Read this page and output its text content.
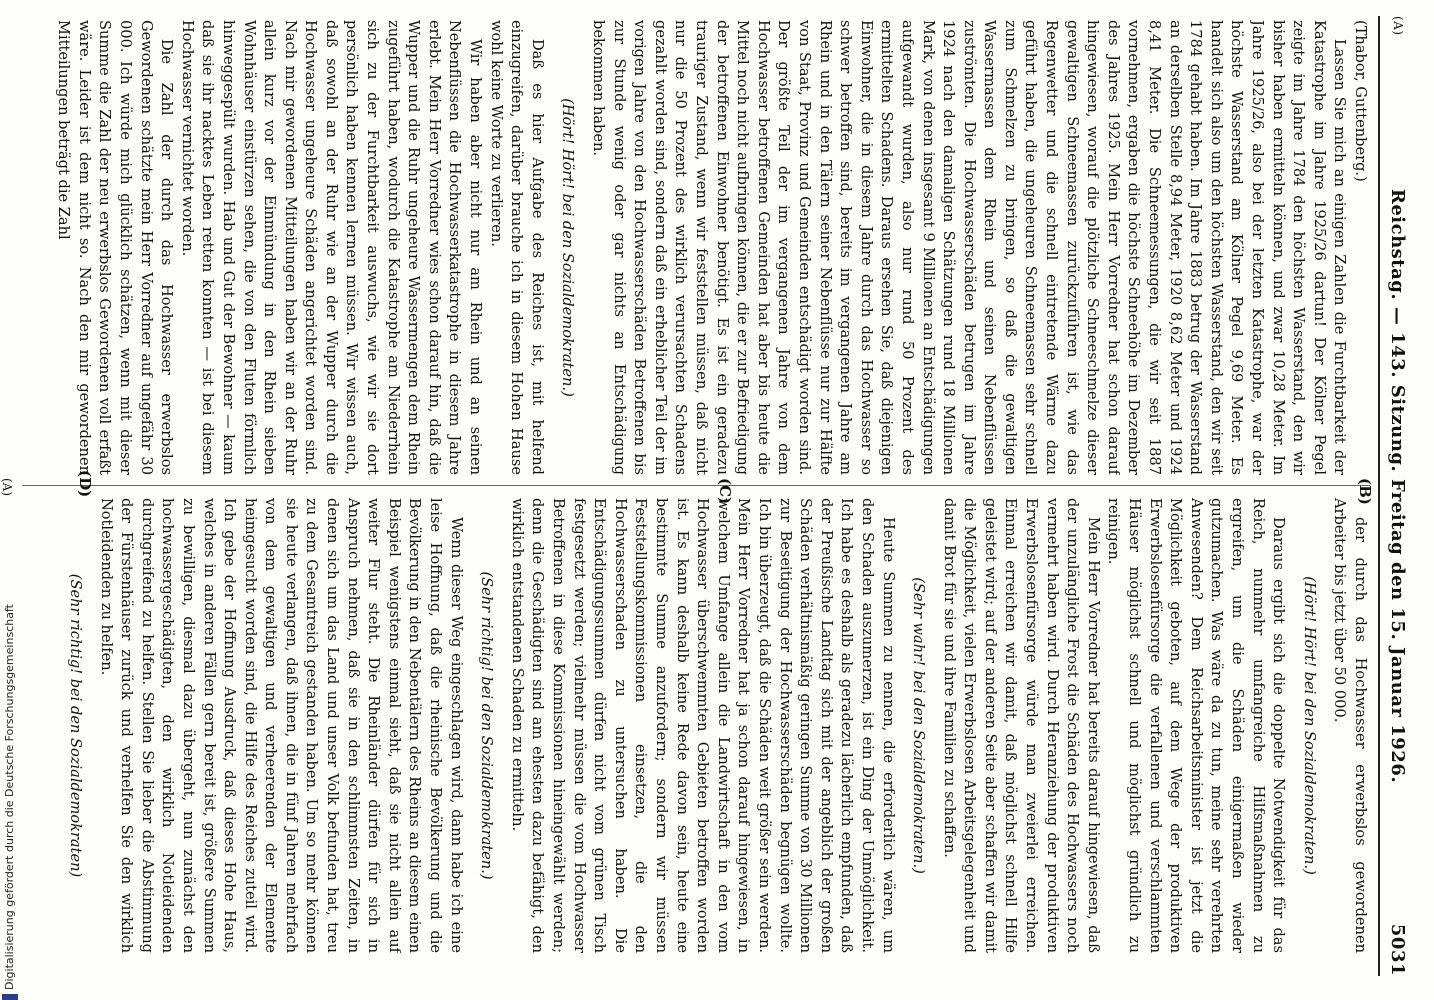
(A)
Reichstag. — 143. Sitzung. Freitag den 15. Januar 1926.
5031

(Thabor, Guttenberg.)

Lassen Sie mich an einigen Zahlen die Furchtbarkeit der Katastrophe im Jahre 1925/26 dartun! Der Kölner Pegel zeigte im Jahre 1784 den höchsten Wasserstand, den wir bisher haben ermitteln können, und zwar 10,28 Meter. Im Jahre 1925/26, also bei der letzten Katastrophe, war der höchste Wasserstand am Kölner Pegel 9,69 Meter. Es handelt sich also um den höchsten Wasserstand, den wir seit 1784 gehabt haben. Im Jahre 1883 betrug der Wasserstand an derselben Stelle 8,94 Meter, 1920 8,62 Meter und 1924 8,41 Meter. Die Schneemessungen, die wir seit 1887 vornehmen, ergaben die höchste Schneehöhe im Dezember des Jahres 1925. Mein Herr Vorredner hat schon darauf hingewiesen, worauf die plötzliche Schneeschmelze dieser gewaltigen Schneemassen zurückzuführen ist, wie das Regenwetter und die schnell eintretende Wärme dazu geführt haben, die ungeheuren Schneemassen sehr schnell zum Schmelzen zu bringen, so daß die gewaltigen Wassermassen dem Rhein und seinen Nebenflüssen zuströmten. Die Hochwasserschäden betrugen im Jahre 1924 nach den damaligen Schätzungen rund 18 Millionen Mark, von denen insgesamt 9 Millionen an Entschädigungen aufgewandt wurden, also nur rund 50 Prozent des ermittelten Schadens. Daraus ersehen Sie, daß diejenigen Einwohner, die in diesem Jahre durch das Hochwasser so schwer betroffen sind, bereits im vergangenen Jahre am Rhein und in den Tälern seiner Nebenflüsse nur zur Hälfte von Staat, Provinz und Gemeinden entschädigt worden sind. Der größte Teil der im vergangenen Jahre von dem Hochwasser betroffenen Gemeinden hat aber bis heute die Mittel noch nicht aufbringen können, die er zur Befriedigung der betroffenen Einwohner benötigt. Es ist ein geradezu trauriger Zustand, wenn wir feststellen müssen, daß nicht nur die 50 Prozent des wirklich verursachten Schadens gezahlt worden sind, sondern daß ein erheblicher Teil der im vorigen Jahre von den Hochwasserschäden Betroffenen bis zur Stunde wenig oder gar nichts an Entschädigung bekommen haben.

(Hört! Hört! bei den Sozialdemokraten.)

Daß es hier Aufgabe des Reiches ist, mit helfend einzugreifen, darüber brauche ich in diesem Hohen Hause wohl keine Worte zu verlieren.

Wir haben aber nicht nur am Rhein und an seinen Nebenflüssen die Hochwasserkatastrophe in diesem Jahre erlebt. Mein Herr Vorredner wies schon darauf hin, daß die Wupper und die Ruhr ungeheure Wassermengen dem Rhein zugeführt haben, wodurch die Katastrophe am Niederrhein sich zu der Furchtbarkeit auswuchs, wie wir sie dort persönlich haben kennen lernen müssen. Wir wissen auch, daß sowohl an der Ruhr wie an der Wupper durch die Hochwasser ungeheure Schäden angerichtet worden sind. Nach mir gewordenen Mitteilungen haben wir an der Ruhr allein kurz vor der Einmündung in den Rhein sieben Wohnhäuser einstürzen sehen, die von den Fluten förmlich hinweggespült wurden. Hab und Gut der Bewohner — kaum daß sie ihr nacktes Leben retten konnten — ist bei diesem Hochwasser vernichtet worden.

Die Zahl der durch das Hochwasser erwerbslos Gewordenen schätzte mein Herr Vorredner auf ungefähr 30 000. Ich würde mich glücklich schätzen, wenn mit dieser Summe die Zahl der neu erwerbslos Gewordenen voll erfaßt wäre. Leider ist dem nicht so. Nach den mir gewordenen Mitteilungen beträgt die Zahl

der durch das Hochwasser erwerbslos gewordenen Arbeiter bis jetzt über 50 000.

(Hört! Hört! bei den Sozialdemokraten.)

Daraus ergibt sich die doppelte Notwendigkeit für das Reich, nunmehr umfangreiche Hilfsmaßnahmen zu ergreifen, um die Schäden einigermaßen wieder gutzumachen. Was wäre da zu tun, meine sehr verehrten Anwesenden? Dem Reichsarbeitsminister ist jetzt die Möglichkeit geboten, auf dem Wege der produktiven Erwerbslosenfürsorge die verfallenen und verschlammten Häuser möglichst schnell und möglichst gründlich zu reinigen.

Mein Herr Vorredner hat bereits darauf hingewiesen, daß der unzulängliche Frost die Schäden des Hochwassers noch vermehrt haben wird. Durch Heranziehung der produktiven Erwerbslosenfürsorge würde man zweierlei erreichen. Einmal erreichen wir damit, daß möglichst schnell Hilfe geleistet wird; auf der anderen Seite aber schaffen wir damit die Möglichkeit, vielen Erwerbslosen Arbeitsgelegenheit und damit Brot für sie und ihre Familien zu schaffen.

(Sehr wahr! bei den Sozialdemokraten.)

Heute Summen zu nennen, die erforderlich wären, um den Schaden auszumerzen, ist ein Ding der Unmöglichkeit. Ich habe es deshalb als geradezu lächerlich empfunden, daß der Preußische Landtag sich mit der angeblich der großen Schäden verhältnismäßig geringen Summe von 30 Millionen zur Beseitigung der Hochwasserschäden begnügen wollte. Ich bin überzeugt, daß die Schäden weit größer sein werden. Mein Herr Vorredner hat ja schon darauf hingewiesen, in welchem Umfange allein die Landwirtschaft in den vom Hochwasser überschwemmten Gebieten betroffen worden ist. Es kann deshalb keine Rede davon sein, heute eine bestimmte Summe anzufordern; sondern wir müssen Feststellungskommissionen einsetzen, die den Hochwasserschaden zu untersuchen haben. Die Entschädigungssummen dürfen nicht vom grünen Tisch festgesetzt werden; vielmehr müssen die vom Hochwasser Betroffenen in diese Kommissionen hineingewählt werden; denn die Geschädigten sind am ehesten dazu befähigt, den wirklich entstandenen Schaden zu ermitteln.

(Sehr richtig! bei den Sozialdemokraten.)

Wenn dieser Weg eingeschlagen wird, dann habe ich eine leise Hoffnung, daß die rheinische Bevölkerung und die Bevölkerung in den Nebentälern des Rheins an diesem einen Beispiel wenigstens einmal sieht, daß sie nicht allein auf weiter Flur steht. Die Rheinländer dürfen für sich in Anspruch nehmen, daß sie in den schlimmsten Zeiten, in denen sich um das Land und unser Volk befunden hat, treu zu dem Gesamtreich gestanden haben. Um so mehr können sie heute verlangen, daß ihnen, die in fünf Jahren mehrfach von dem gewaltigen und verheerenden der Elemente heimgesucht worden sind, die Hilfe des Reiches zuteil wird. Ich gebe der Hoffnung Ausdruck, daß dieses Hohe Haus, welches in anderen Fällen gern bereit ist, größere Summen zu bewilligen, diesmal dazu übergeht, nun zunächst den hochwassergeschädigten, den wirklich Notleidenden durchgreifend zu helfen. Stellen Sie lieber die Abstimmung der Fürstenhäuser zurück und verhelfen Sie den wirklich Notleidenden zu helfen.

(Sehr richtig! bei den Sozialdemokraten)

(B)
(C)
(D)
(A)
Digitalisierung gefördert durch die Deutsche Forschungsgemeinschaft
